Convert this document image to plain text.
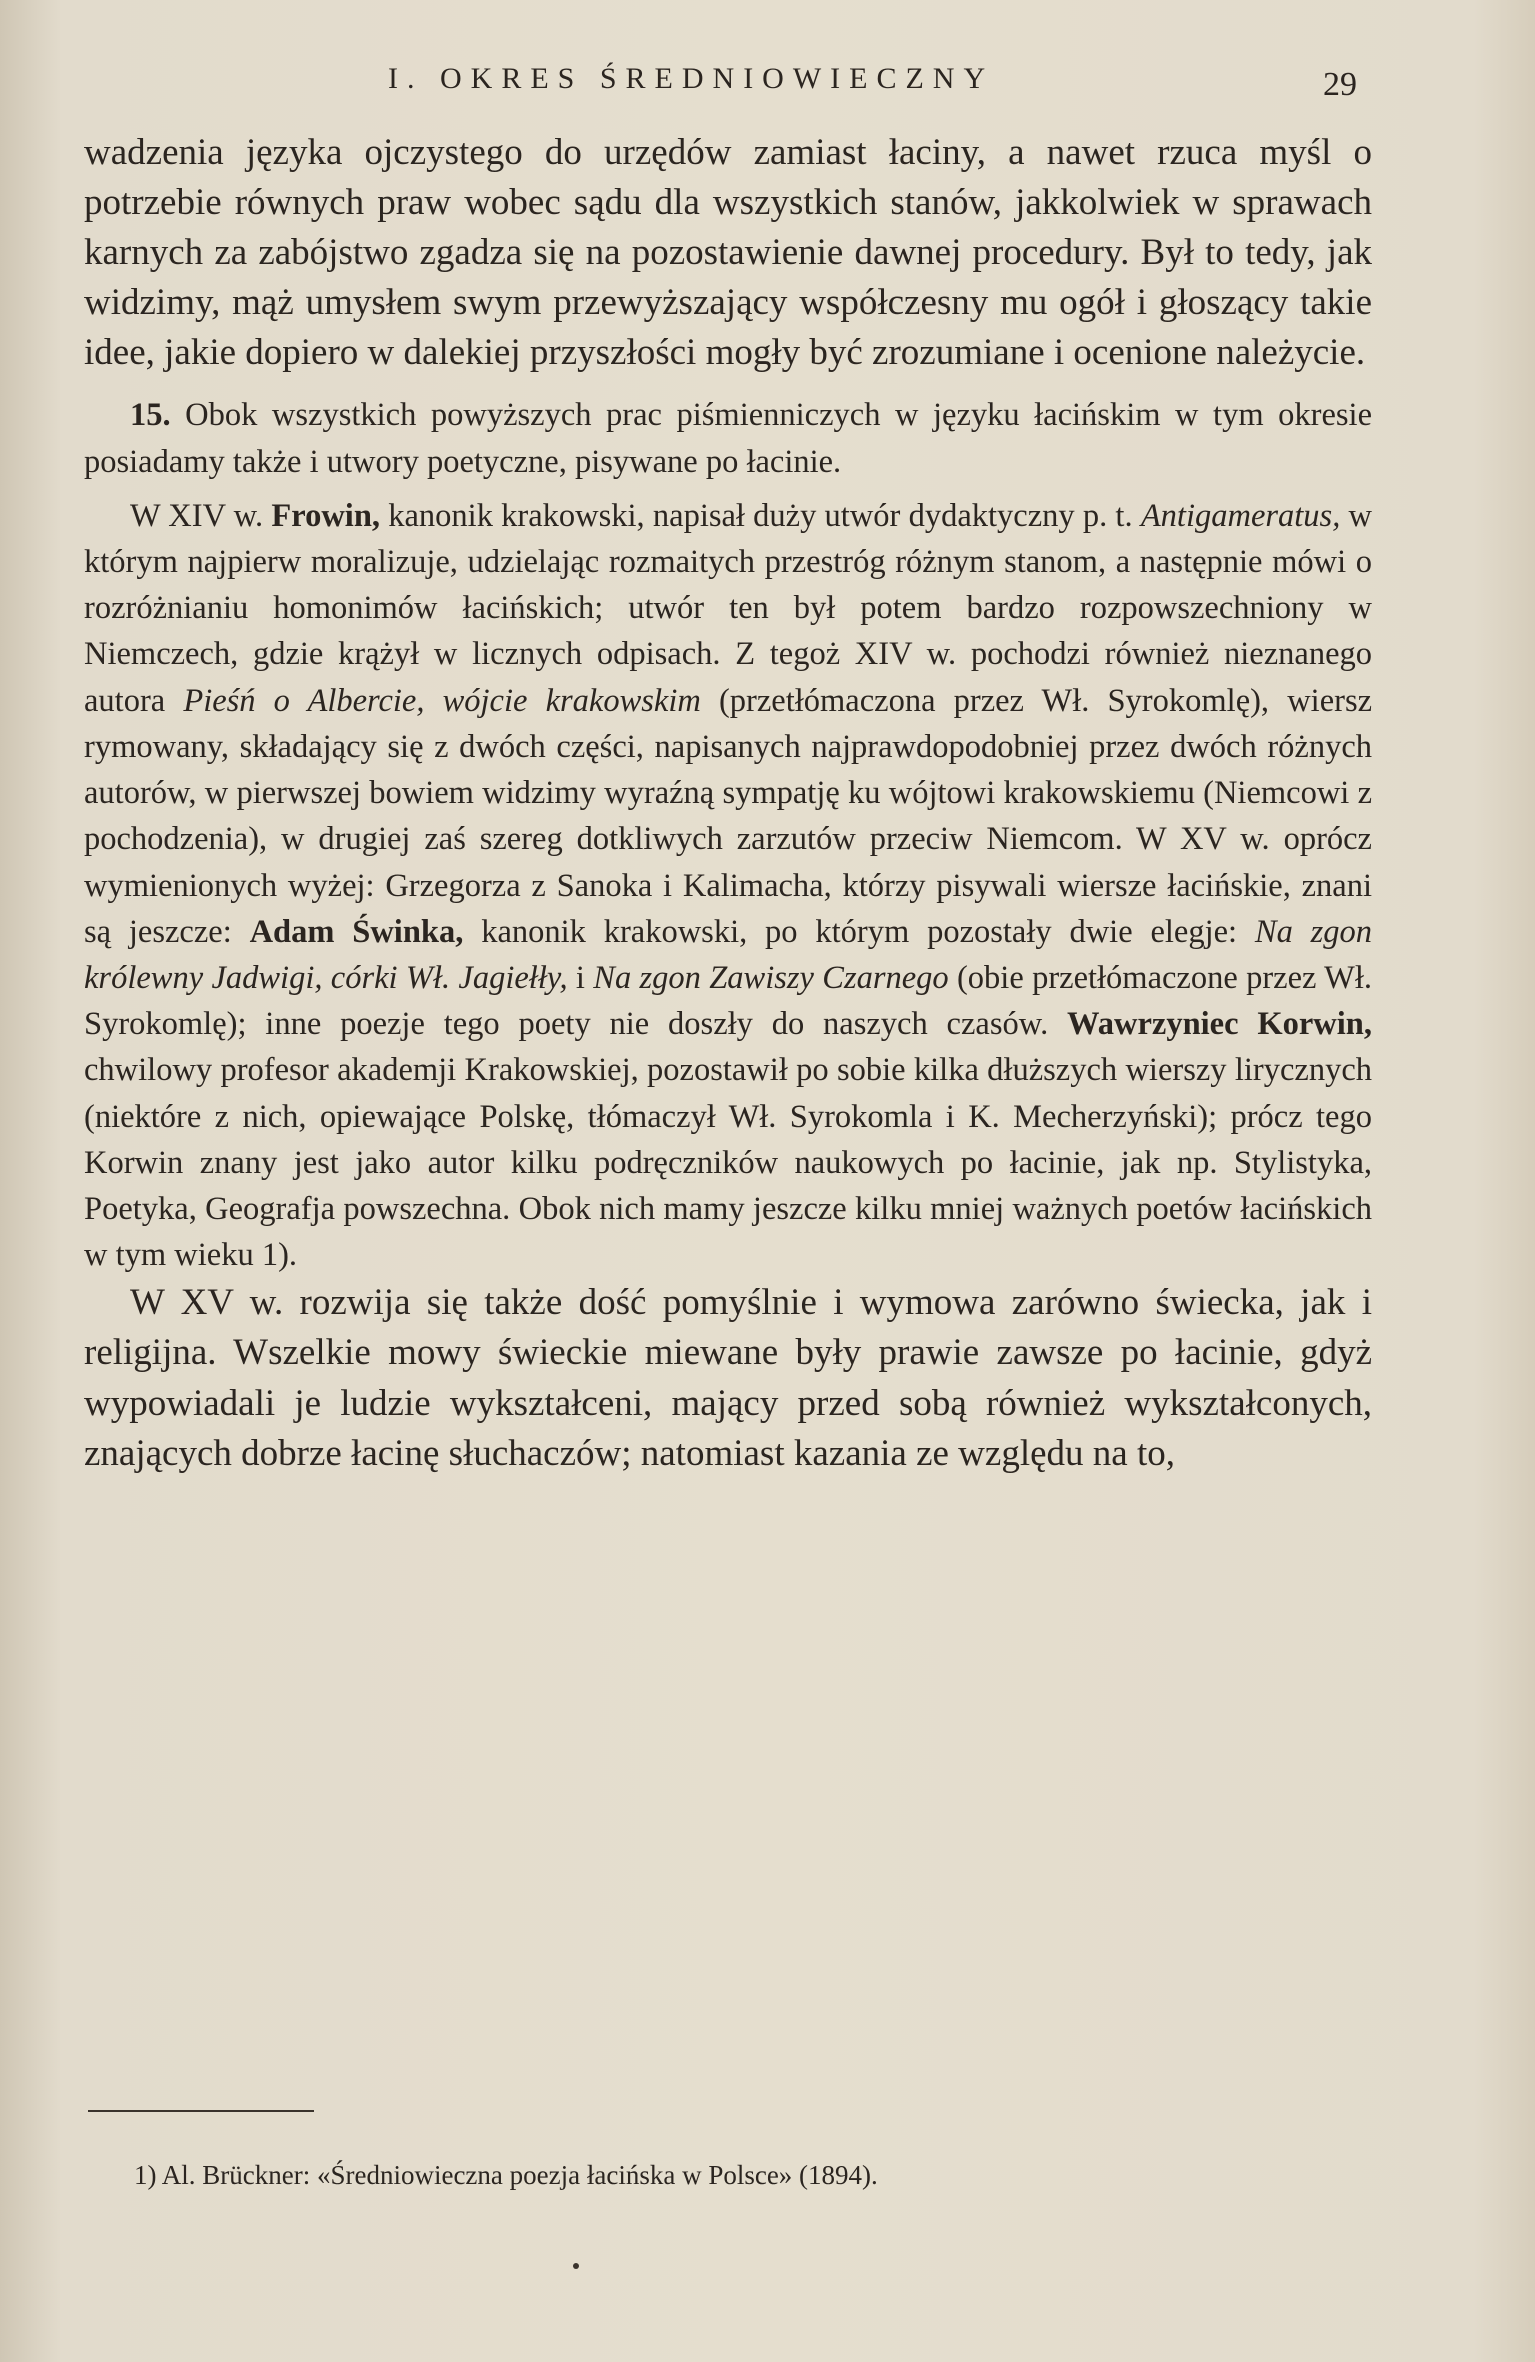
I. OKRES ŚREDNIOWIECZNY	29

wadzenia języka ojczystego do urzędów zamiast łaciny, a nawet rzuca myśl o potrzebie równych praw wobec sądu dla wszystkich stanów, jakkolwiek w sprawach karnych za zabójstwo zgadza się na pozostawienie dawnej procedury. Był to tedy, jak widzimy, mąż umysłem swym przewyższający współczesny mu ogół i głoszący takie idee, jakie dopiero w dalekiej przyszłości mogły być zrozumiane i ocenione należycie.

15. Obok wszystkich powyższych prac piśmienniczych w języku łacińskim w tym okresie posiadamy także i utwory poetyczne, pisywane po łacinie.

W XIV w. Frowin, kanonik krakowski, napisał duży utwór dydaktyczny p. t. Antigameratus, w którym najpierw moralizuje, udzielając rozmaitych przestróg różnym stanom, a następnie mówi o rozróżnianiu homonimów łacińskich; utwór ten był potem bardzo rozpowszechniony w Niemczech, gdzie krążył w licznych odpisach. Z tegoż XIV w. pochodzi również nieznanego autora Pieśń o Albercie, wójcie krakowskim (przetłómaczona przez Wł. Syrokomlę), wiersz rymowany, składający się z dwóch części, napisanych najprawdopodobniej przez dwóch różnych autorów, w pierwszej bowiem widzimy wyraźną sympatję ku wójtowi krakowskiemu (Niemcowi z pochodzenia), w drugiej zaś szereg dotkliwych zarzutów przeciw Niemcom. W XV w. oprócz wymienionych wyżej: Grzegorza z Sanoka i Kalimacha, którzy pisywali wiersze łacińskie, znani są jeszcze: Adam Świnka, kanonik krakowski, po którym pozostały dwie elegje: Na zgon królewny Jadwigi, córki Wł. Jagiełły, i Na zgon Zawiszy Czarnego (obie przetłómaczone przez Wł. Syrokomlę); inne poezje tego poety nie doszły do naszych czasów. Wawrzyniec Korwin, chwilowy profesor akademji Krakowskiej, pozostawił po sobie kilka dłuższych wierszy lirycznych (niektóre z nich, opiewające Polskę, tłómaczył Wł. Syrokomla i K. Mecherzyński); prócz tego Korwin znany jest jako autor kilku podręczników naukowych po łacinie, jak np. Stylistyka, Poetyka, Geografja powszechna. Obok nich mamy jeszcze kilku mniej ważnych poetów łacińskich w tym wieku 1).

W XV w. rozwija się także dość pomyślnie i wymowa zarówno świecka, jak i religijna. Wszelkie mowy świeckie miewane były prawie zawsze po łacinie, gdyż wypowiadali je ludzie wykształceni, mający przed sobą również wykształconych, znających dobrze łacinę słuchaczów; natomiast kazania ze względu na to,

1) Al. Brückner: «Średniowieczna poezja łacińska w Polsce» (1894).
